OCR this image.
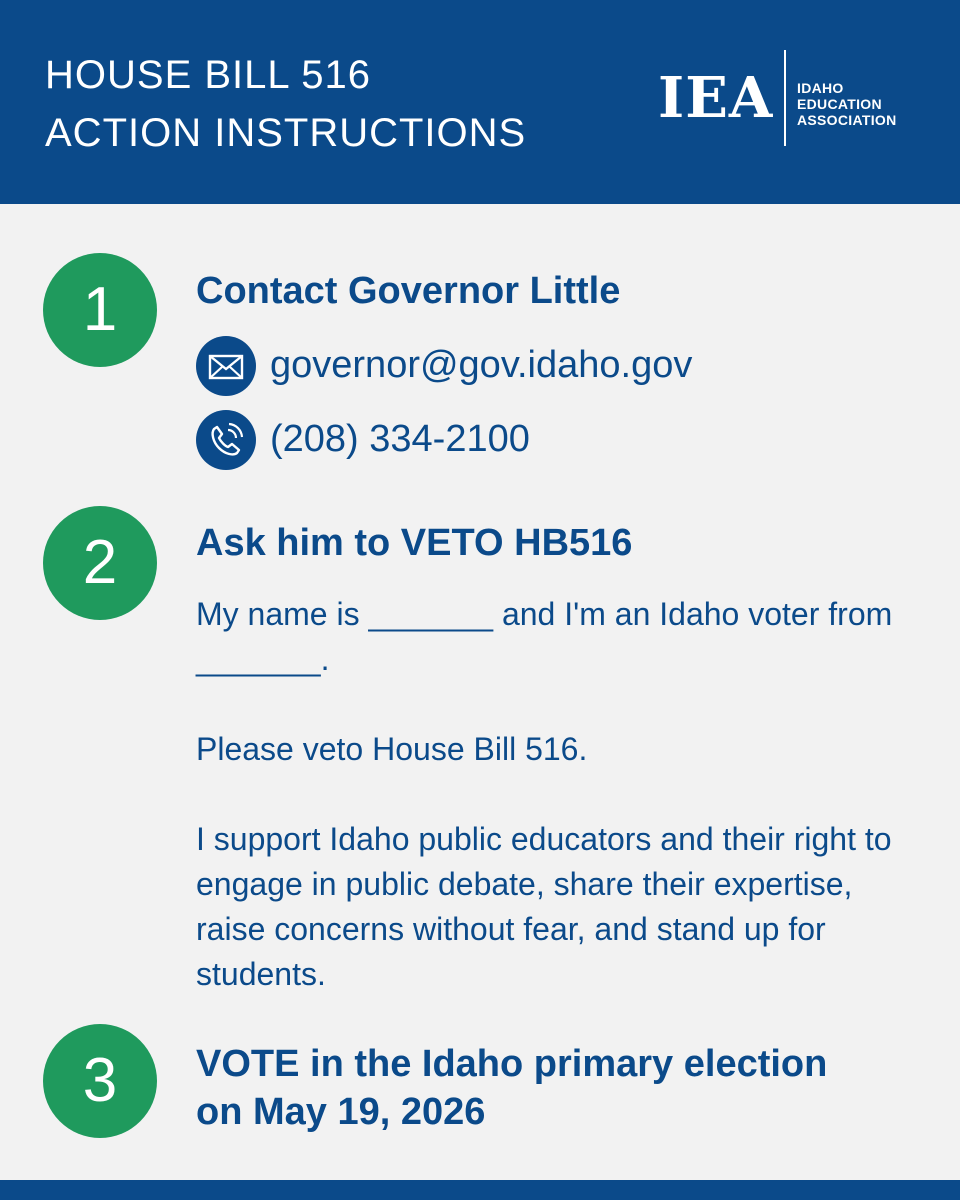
HOUSE BILL 516
ACTION INSTRUCTIONS
IEA IDAHO
EDUCATION
ASSOCIATION
1	Contact Governor Little
governor@gov.idaho.gov
(208) 334-2100
2	Ask him to VETO HB516

My name is _______ and I'm an Idaho voter from _______.

Please veto House Bill 516.

I support Idaho public educators and their right to engage in public debate, share their expertise, raise concerns without fear, and stand up for students.

3	VOTE in the Idaho primary election
on May 19, 2026
